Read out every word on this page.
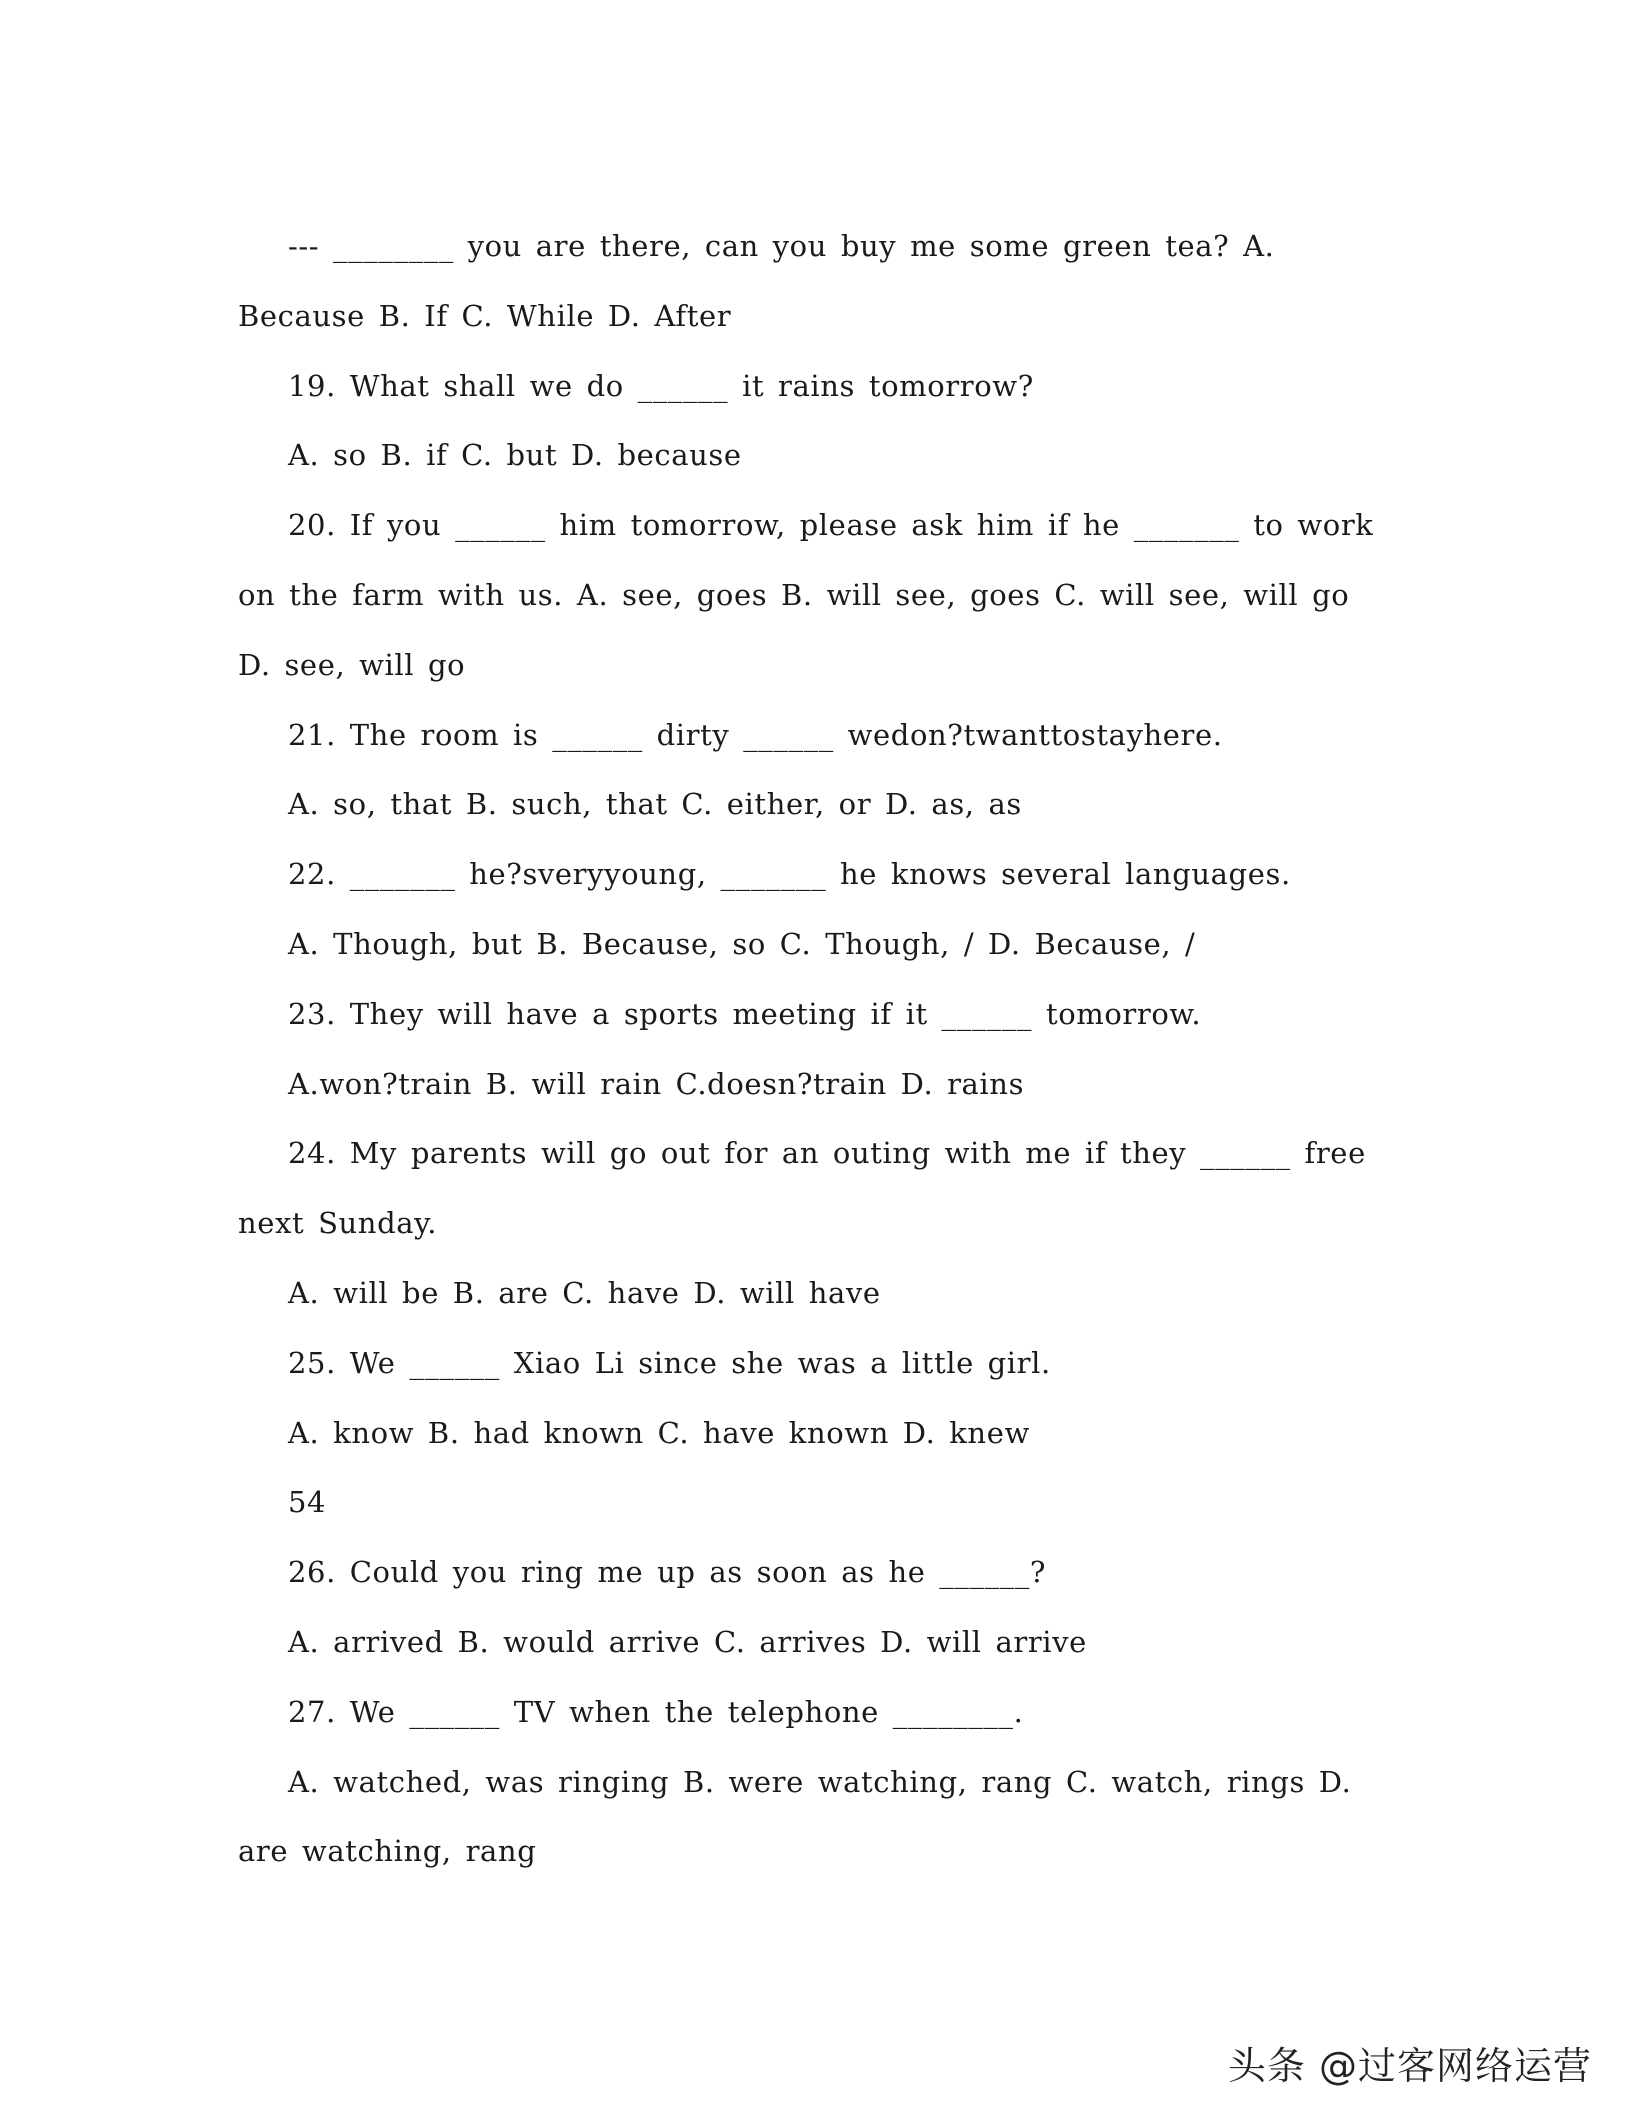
--- ________ you are there, can you buy me some green tea? A.
Because B. If C. While D. After
19. What shall we do ______ it rains tomorrow?
A. so B. if C. but D. because
20. If you ______ him tomorrow, please ask him if he _______ to work
on the farm with us. A. see, goes B. will see, goes C. will see, will go
D. see, will go
21. The room is ______ dirty ______ wedon?twanttostayhere.
A. so, that B. such, that C. either, or D. as, as
22. _______ he?sveryyoung, _______ he knows several languages.
A. Though, but B. Because, so C. Though, / D. Because, /
23. They will have a sports meeting if it ______ tomorrow.
A.won?train B. will rain C.doesn?train D. rains
24. My parents will go out for an outing with me if they ______ free
next Sunday.
A. will be B. are C. have D. will have
25. We ______ Xiao Li since she was a little girl.
A. know B. had known C. have known D. knew
54
26. Could you ring me up as soon as he ______?
A. arrived B. would arrive C. arrives D. will arrive
27. We ______ TV when the telephone ________.
A. watched, was ringing B. were watching, rang C. watch, rings D.
are watching, rang
头条 @过客网络运营
